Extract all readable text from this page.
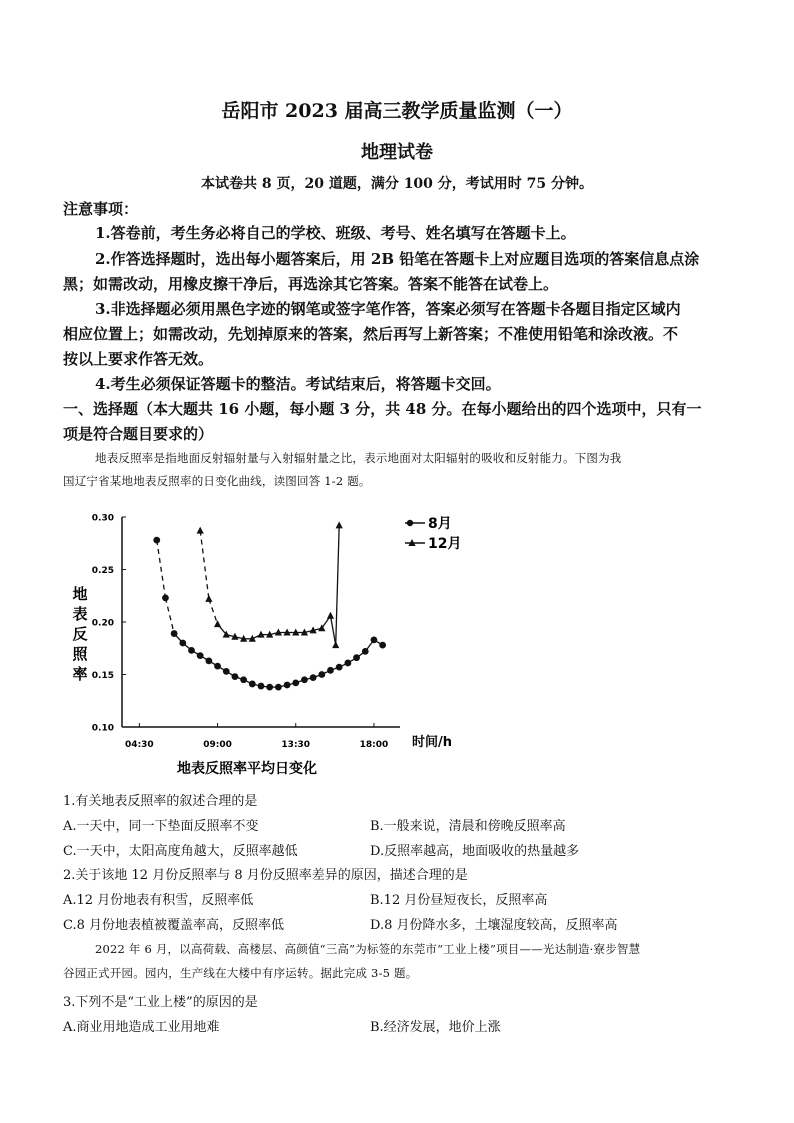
岳阳市 2023 届高三教学质量监测（一）
地理试卷
本试卷共 8 页，20 道题，满分 100 分，考试用时 75 分钟。
注意事项：
1.答卷前，考生务必将自己的学校、班级、考号、姓名填写在答题卡上。
2.作答选择题时，选出每小题答案后，用 2B 铅笔在答题卡上对应题目选项的答案信息点涂
黑；如需改动，用橡皮擦干净后，再选涂其它答案。答案不能答在试卷上。
3.非选择题必须用黑色字迹的钢笔或签字笔作答，答案必须写在答题卡各题目指定区域内
相应位置上；如需改动，先划掉原来的答案，然后再写上新答案；不准使用铅笔和涂改液。不
按以上要求作答无效。
4.考生必须保证答题卡的整洁。考试结束后，将答题卡交回。
一、选择题（本大题共 16 小题，每小题 3 分，共 48 分。在每小题给出的四个选项中，只有一
项是符合题目要求的）
地表反照率是指地面反射辐射量与入射辐射量之比，表示地面对太阳辐射的吸收和反射能力。下图为我
国辽宁省某地地表反照率的日变化曲线，读图回答 1-2 题。
0.10
0.15
0.20
0.25
0.30
04:30	09:00	13:30	18:00
8月
12月
地表反照率
时间/h
地表反照率平均日变化
1.有关地表反照率的叙述合理的是
A.一天中，同一下垫面反照率不变	B.一般来说，清晨和傍晚反照率高
C.一天中，太阳高度角越大，反照率越低	D.反照率越高，地面吸收的热量越多
2.关于该地 12 月份反照率与 8 月份反照率差异的原因，描述合理的是
A.12 月份地表有积雪，反照率低	B.12 月份昼短夜长，反照率高
C.8 月份地表植被覆盖率高，反照率低	D.8 月份降水多，土壤湿度较高，反照率高
2022 年 6 月，以高荷载、高楼层、高颜值“三高”为标签的东莞市“工业上楼”项目——光达制造·寮步智慧
谷园正式开园。园内，生产线在大楼中有序运转。据此完成 3-5 题。
3.下列不是“工业上楼”的原因的是
A.商业用地造成工业用地难	B.经济发展，地价上涨
